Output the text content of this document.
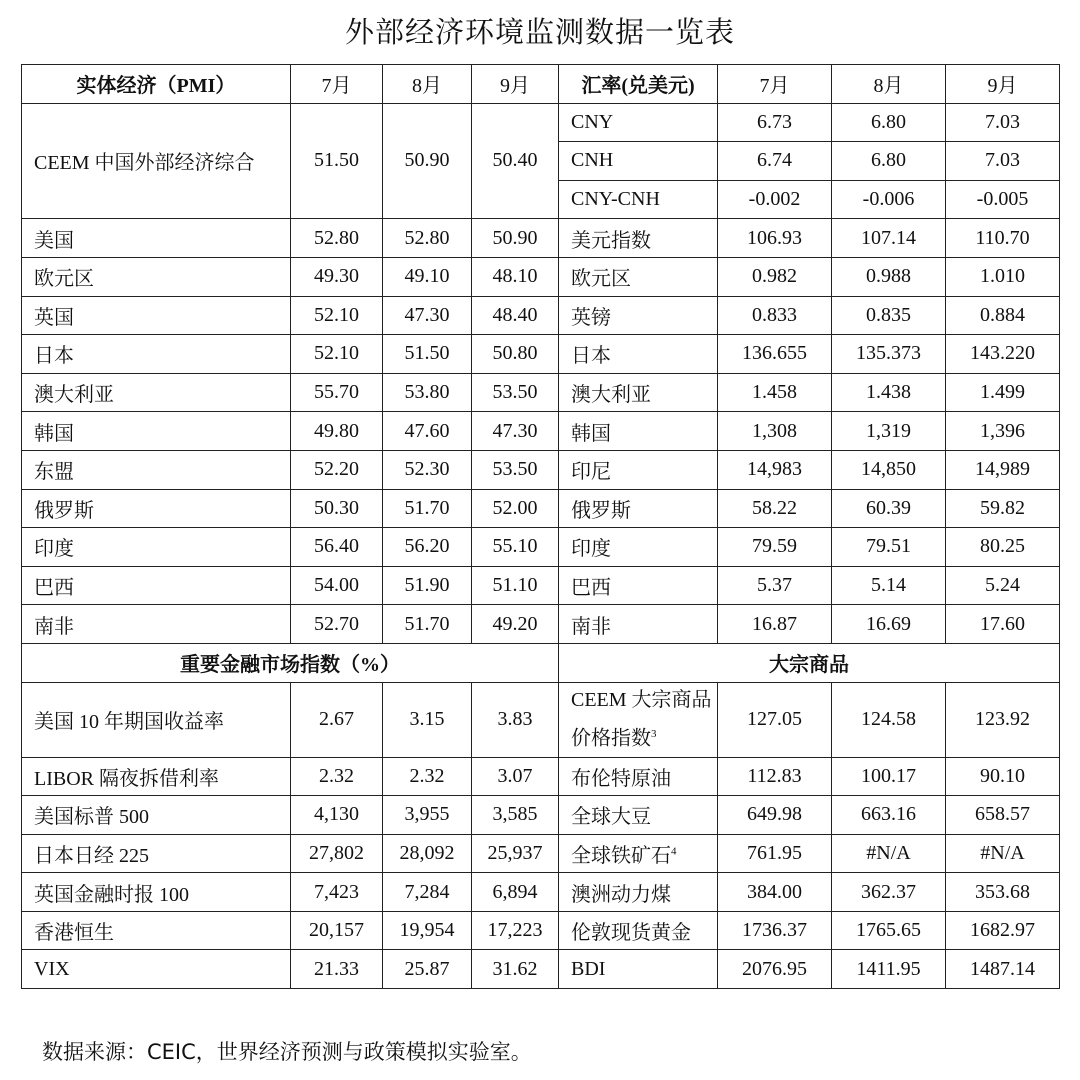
外部经济环境监测数据一览表
实体经济（PMI）	7月	8月	9月	汇率(兑美元)	7月	8月	9月
CEEM 中国外部经济综合	51.50	50.90	50.40	CNY	6.73	6.80	7.03
				CNH	6.74	6.80	7.03
				CNY-CNH	-0.002	-0.006	-0.005
美国	52.80	52.80	50.90	美元指数	106.93	107.14	110.70
欧元区	49.30	49.10	48.10	欧元区	0.982	0.988	1.010
英国	52.10	47.30	48.40	英镑	0.833	0.835	0.884
日本	52.10	51.50	50.80	日本	136.655	135.373	143.220
澳大利亚	55.70	53.80	53.50	澳大利亚	1.458	1.438	1.499
韩国	49.80	47.60	47.30	韩国	1,308	1,319	1,396
东盟	52.20	52.30	53.50	印尼	14,983	14,850	14,989
俄罗斯	50.30	51.70	52.00	俄罗斯	58.22	60.39	59.82
印度	56.40	56.20	55.10	印度	79.59	79.51	80.25
巴西	54.00	51.90	51.10	巴西	5.37	5.14	5.24
南非	52.70	51.70	49.20	南非	16.87	16.69	17.60
重要金融市场指数（%）				大宗商品			
美国 10 年期国收益率	2.67	3.15	3.83	CEEM 大宗商品价格指数$^3$	127.05	124.58	123.92
LIBOR 隔夜拆借利率	2.32	2.32	3.07	布伦特原油	112.83	100.17	90.10
美国标普 500	4,130	3,955	3,585	全球大豆	649.98	663.16	658.57
日本日经 225	27,802	28,092	25,937	全球铁矿石$^4$	761.95	#N/A	#N/A
英国金融时报 100	7,423	7,284	6,894	澳洲动力煤	384.00	362.37	353.68
香港恒生	20,157	19,954	17,223	伦敦现货黄金	1736.37	1765.65	1682.97
VIX	21.33	25.87	31.62	BDI	2076.95	1411.95	1487.14
数据来源：CEIC，世界经济预测与政策模拟实验室。
